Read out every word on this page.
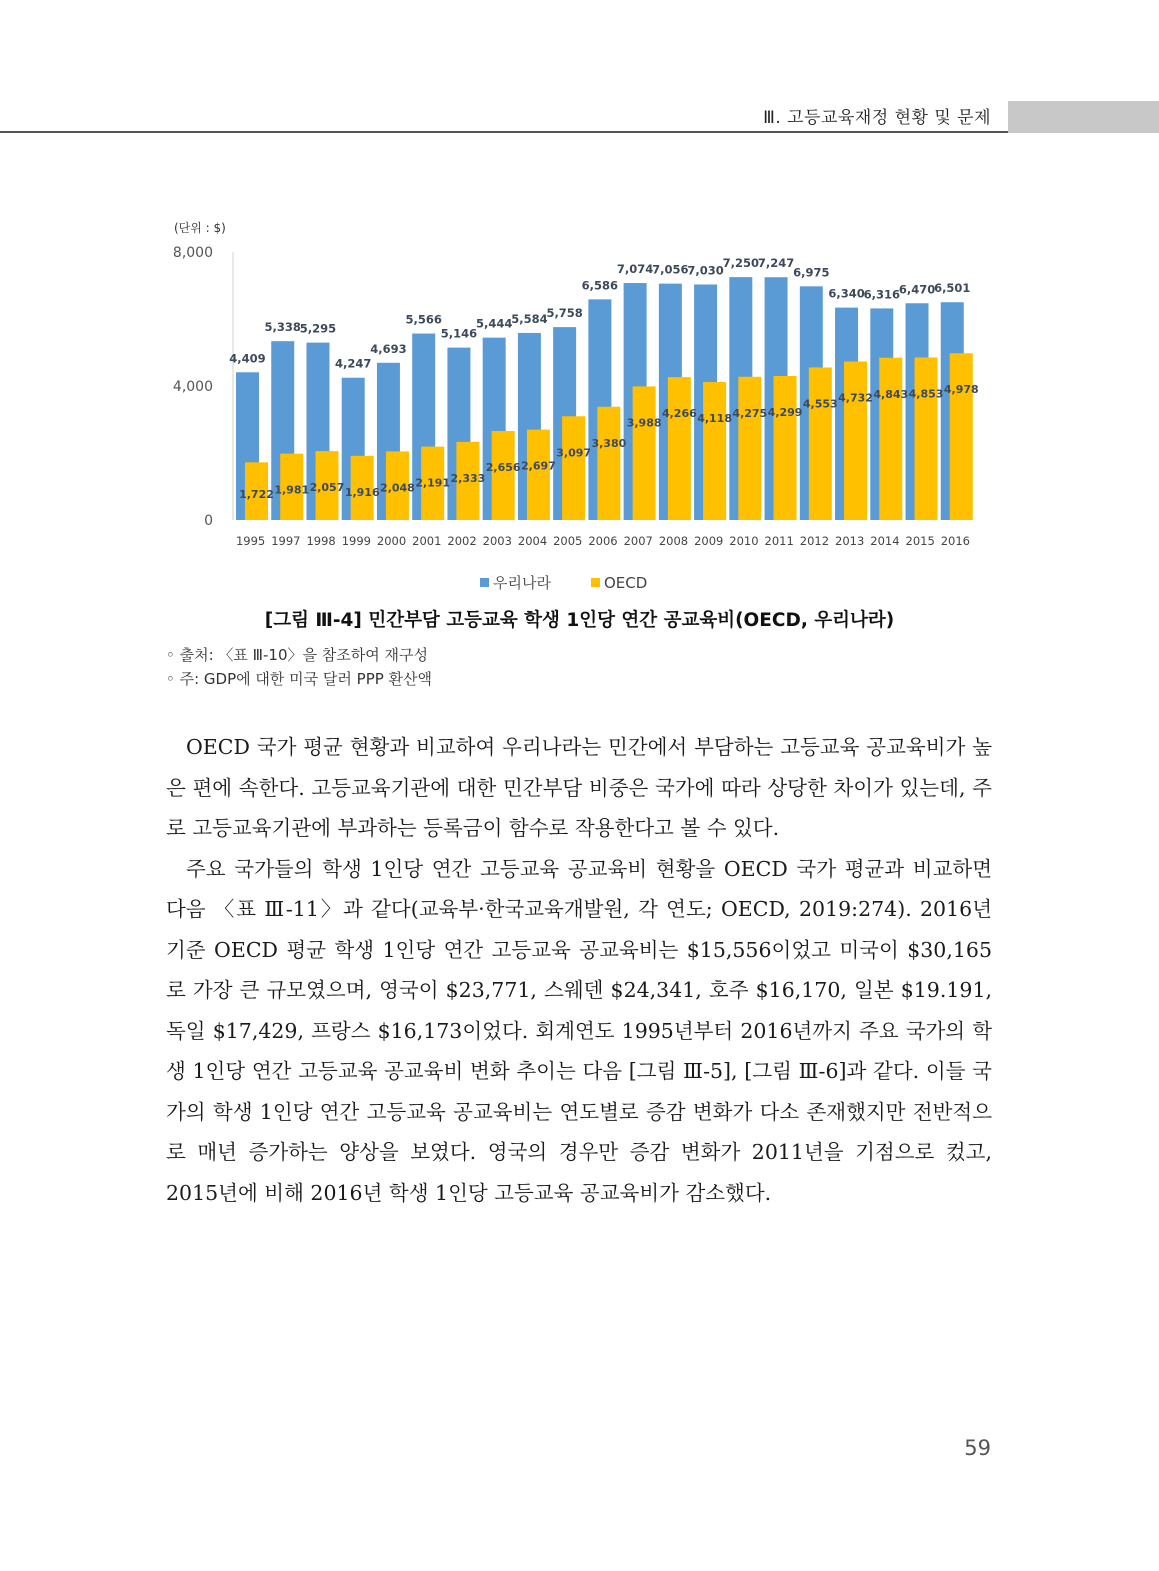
Ⅲ. 고등교육재정 현황 및 문제
(단위 : $)
0
4,000
8,000
4,409
1,722
1995
5,338
1,981
1997
5,295
2,057
1998
4,247
1,916
1999
4,693
2,048
2000
5,566
2,191
2001
5,146
2,333
2002
5,444
2,656
2003
5,584
2,697
2004
5,758
3,097
2005
6,586
3,380
2006
7,074
3,988
2007
7,056
4,266
2008
7,030
4,118
2009
7,250
4,275
2010
7,247
4,299
2011
6,975
4,553
2012
6,340
4,732
2013
6,316
4,843
2014
6,470
4,853
2015
6,501
4,978
2016
우리나라	OECD
[그림 Ⅲ-4] 민간부담 고등교육 학생 1인당 연간 공교육비(OECD, 우리나라)
◦ 출처: 〈표 Ⅲ-10〉을 참조하여 재구성
◦ 주: GDP에 대한 미국 달러 PPP 환산액

OECD 국가 평균 현황과 비교하여 우리나라는 민간에서 부담하는 고등교육 공교육비가 높은 편에 속한다. 고등교육기관에 대한 민간부담 비중은 국가에 따라 상당한 차이가 있는데, 주로 고등교육기관에 부과하는 등록금이 함수로 작용한다고 볼 수 있다.

주요 국가들의 학생 1인당 연간 고등교육 공교육비 현황을 OECD 국가 평균과 비교하면 다음 〈표 Ⅲ-11〉과 같다(교육부·한국교육개발원, 각 연도; OECD, 2019:274). 2016년 기준 OECD 평균 학생 1인당 연간 고등교육 공교육비는 $15,556이었고 미국이 $30,165로 가장 큰 규모였으며, 영국이 $23,771, 스웨덴 $24,341, 호주 $16,170, 일본 $19.191, 독일 $17,429, 프랑스 $16,173이었다. 회계연도 1995년부터 2016년까지 주요 국가의 학생 1인당 연간 고등교육 공교육비 변화 추이는 다음 [그림 Ⅲ-5], [그림 Ⅲ-6]과 같다. 이들 국가의 학생 1인당 연간 고등교육 공교육비는 연도별로 증감 변화가 다소 존재했지만 전반적으로 매년 증가하는 양상을 보였다. 영국의 경우만 증감 변화가 2011년을 기점으로 컸고, 2015년에 비해 2016년 학생 1인당 고등교육 공교육비가 감소했다.

59
